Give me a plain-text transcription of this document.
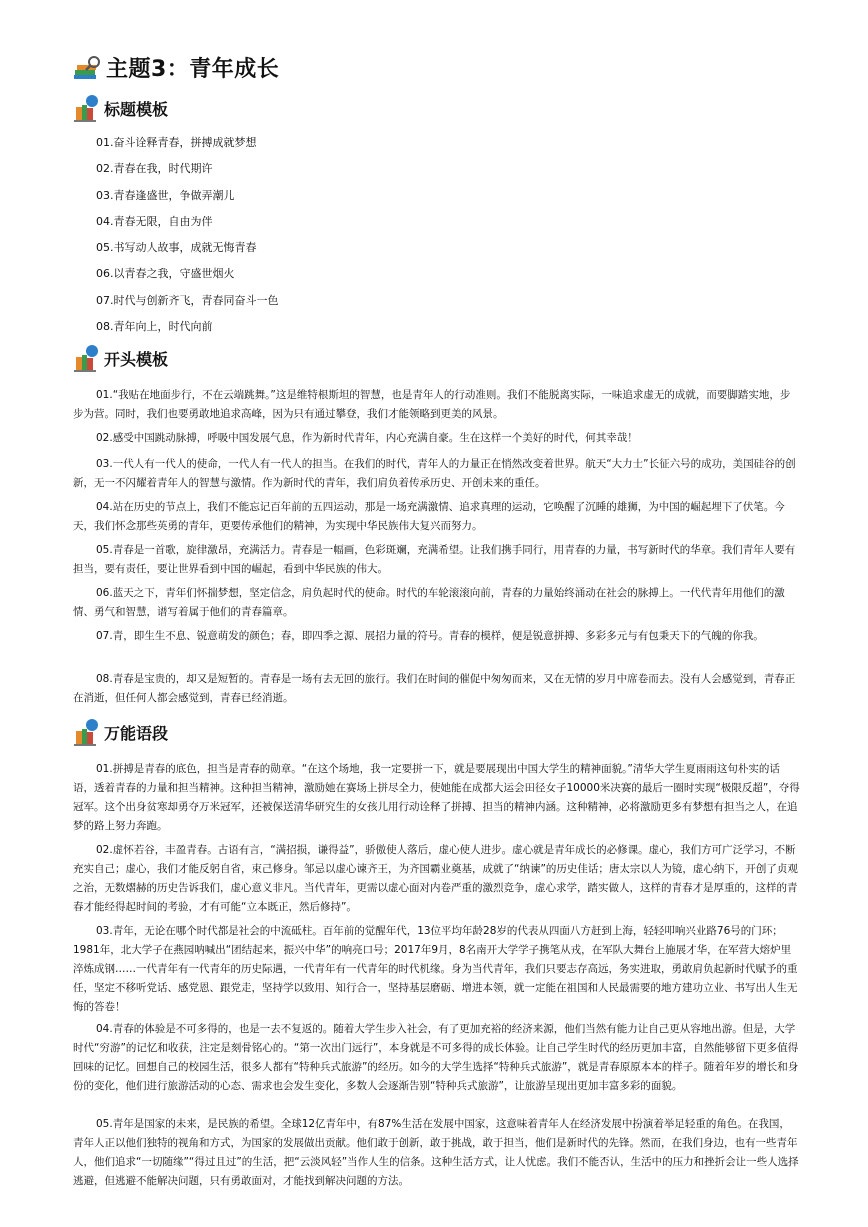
主题3：青年成长
标题模板
01.奋斗诠释青春，拼搏成就梦想
02.青春在我，时代期许
03.青春逢盛世，争做弄潮儿
04.青春无限，自由为伴
05.书写动人故事，成就无悔青春
06.以青春之我，守盛世烟火
07.时代与创新齐飞，青春同奋斗一色
08.青年向上，时代向前
开头模板

01.“我贴在地面步行，不在云端跳舞。”这是维特根斯坦的智慧，也是青年人的行动准则。我们不能脱离实际，一味追求虚无的成就，而要脚踏实地，步步为营。同时，我们也要勇敢地追求高峰，因为只有通过攀登，我们才能领略到更美的风景。

02.感受中国跳动脉搏，呼吸中国发展气息，作为新时代青年，内心充满自豪。生在这样一个美好的时代，何其幸哉！

03.一代人有一代人的使命，一代人有一代人的担当。在我们的时代，青年人的力量正在悄然改变着世界。航天“大力士”长征六号的成功，美国硅谷的创新，无一不闪耀着青年人的智慧与激情。作为新时代的青年，我们肩负着传承历史、开创未来的重任。

04.站在历史的节点上，我们不能忘记百年前的五四运动，那是一场充满激情、追求真理的运动，它唤醒了沉睡的雄狮，为中国的崛起埋下了伏笔。今天，我们怀念那些英勇的青年，更要传承他们的精神，为实现中华民族伟大复兴而努力。

05.青春是一首歌，旋律激昂，充满活力。青春是一幅画，色彩斑斓，充满希望。让我们携手同行，用青春的力量，书写新时代的华章。我们青年人要有担当，要有责任，要让世界看到中国的崛起，看到中华民族的伟大。

06.蓝天之下，青年们怀揣梦想，坚定信念，肩负起时代的使命。时代的车轮滚滚向前，青春的力量始终涌动在社会的脉搏上。一代代青年用他们的激情、勇气和智慧，谱写着属于他们的青春篇章。

07.青，即生生不息、锐意萌发的颜色；春，即四季之源、展招力量的符号。青春的模样，便是锐意拼搏、多彩多元与有包秉天下的气魄的你我。

08.青春是宝贵的，却又是短暂的。青春是一场有去无回的旅行。我们在时间的催促中匆匆而来，又在无情的岁月中席卷而去。没有人会感觉到，青春正在消逝，但任何人都会感觉到，青春已经消逝。

万能语段

01.拼搏是青春的底色，担当是青春的勋章。“在这个场地，我一定要拼一下，就是要展现出中国大学生的精神面貌。”清华大学生夏雨雨这句朴实的话语，透着青春的力量和担当精神。这种担当精神，激励她在赛场上拼尽全力，使她能在成都大运会田径女子10000米决赛的最后一圈时实现“极限反超”，夺得冠军。这个出身贫寒却勇夺万米冠军，还被保送清华研究生的女孩儿用行动诠释了拼搏、担当的精神内涵。这种精神，必将激励更多有梦想有担当之人，在追梦的路上努力奔跑。

02.虚怀若谷，丰盈青春。古语有言，“满招损，谦得益”，骄傲使人落后，虚心使人进步。虚心就是青年成长的必修课。虚心，我们方可广泛学习，不断充实自己；虚心，我们才能反躬自省，束己修身。邹忌以虚心谏齐王，为齐国霸业奠基，成就了“纳谏”的历史佳话；唐太宗以人为镜，虚心纳下，开创了贞观之治，无数熠赫的历史告诉我们，虚心意义非凡。当代青年，更需以虚心面对内卷严重的激烈竞争，虚心求学，踏实做人，这样的青春才是厚重的，这样的青春才能经得起时间的考验，才有可能“立本既正，然后修持”。

03.青年，无论在哪个时代都是社会的中流砥柱。百年前的觉醒年代，13位平均年龄28岁的代表从四面八方赶到上海，轻轻叩响兴业路76号的门环；1981年，北大学子在燕园呐喊出“团结起来，振兴中华”的响亮口号；2017年9月，8名南开大学学子携笔从戎，在军队大舞台上施展才华，在军营大熔炉里淬炼成钢……一代青年有一代青年的历史际遇，一代青年有一代青年的时代机缘。身为当代青年，我们只要志存高远，务实进取，勇敢肩负起新时代赋予的重任，坚定不移听党话、感党恩、跟党走，坚持学以致用、知行合一，坚持基层磨砺、增进本领，就一定能在祖国和人民最需要的地方建功立业、书写出人生无悔的答卷！

04.青春的体验是不可多得的，也是一去不复返的。随着大学生步入社会，有了更加充裕的经济来源，他们当然有能力让自己更从容地出游。但是，大学时代“穷游”的记忆和收获，注定是刻骨铭心的。“第一次出门远行”，本身就是不可多得的成长体验。让自己学生时代的经历更加丰富，自然能够留下更多值得回味的记忆。回想自己的校园生活，很多人都有“特种兵式旅游”的经历。如今的大学生选择“特种兵式旅游”，就是青春原原本本的样子。随着年岁的增长和身份的变化，他们进行旅游活动的心态、需求也会发生变化，多数人会逐渐告别“特种兵式旅游”，让旅游呈现出更加丰富多彩的面貌。

05.青年是国家的未来，是民族的希望。全球12亿青年中，有87%生活在发展中国家，这意味着青年人在经济发展中扮演着举足轻重的角色。在我国，青年人正以他们独特的视角和方式，为国家的发展做出贡献。他们敢于创新，敢于挑战，敢于担当，他们是新时代的先锋。然而，在我们身边，也有一些青年人，他们追求“一切随缘”“得过且过”的生活，把“云淡风轻”当作人生的信条。这种生活方式，让人忧虑。我们不能否认，生活中的压力和挫折会让一些人选择逃避，但逃避不能解决问题，只有勇敢面对，才能找到解决问题的方法。
